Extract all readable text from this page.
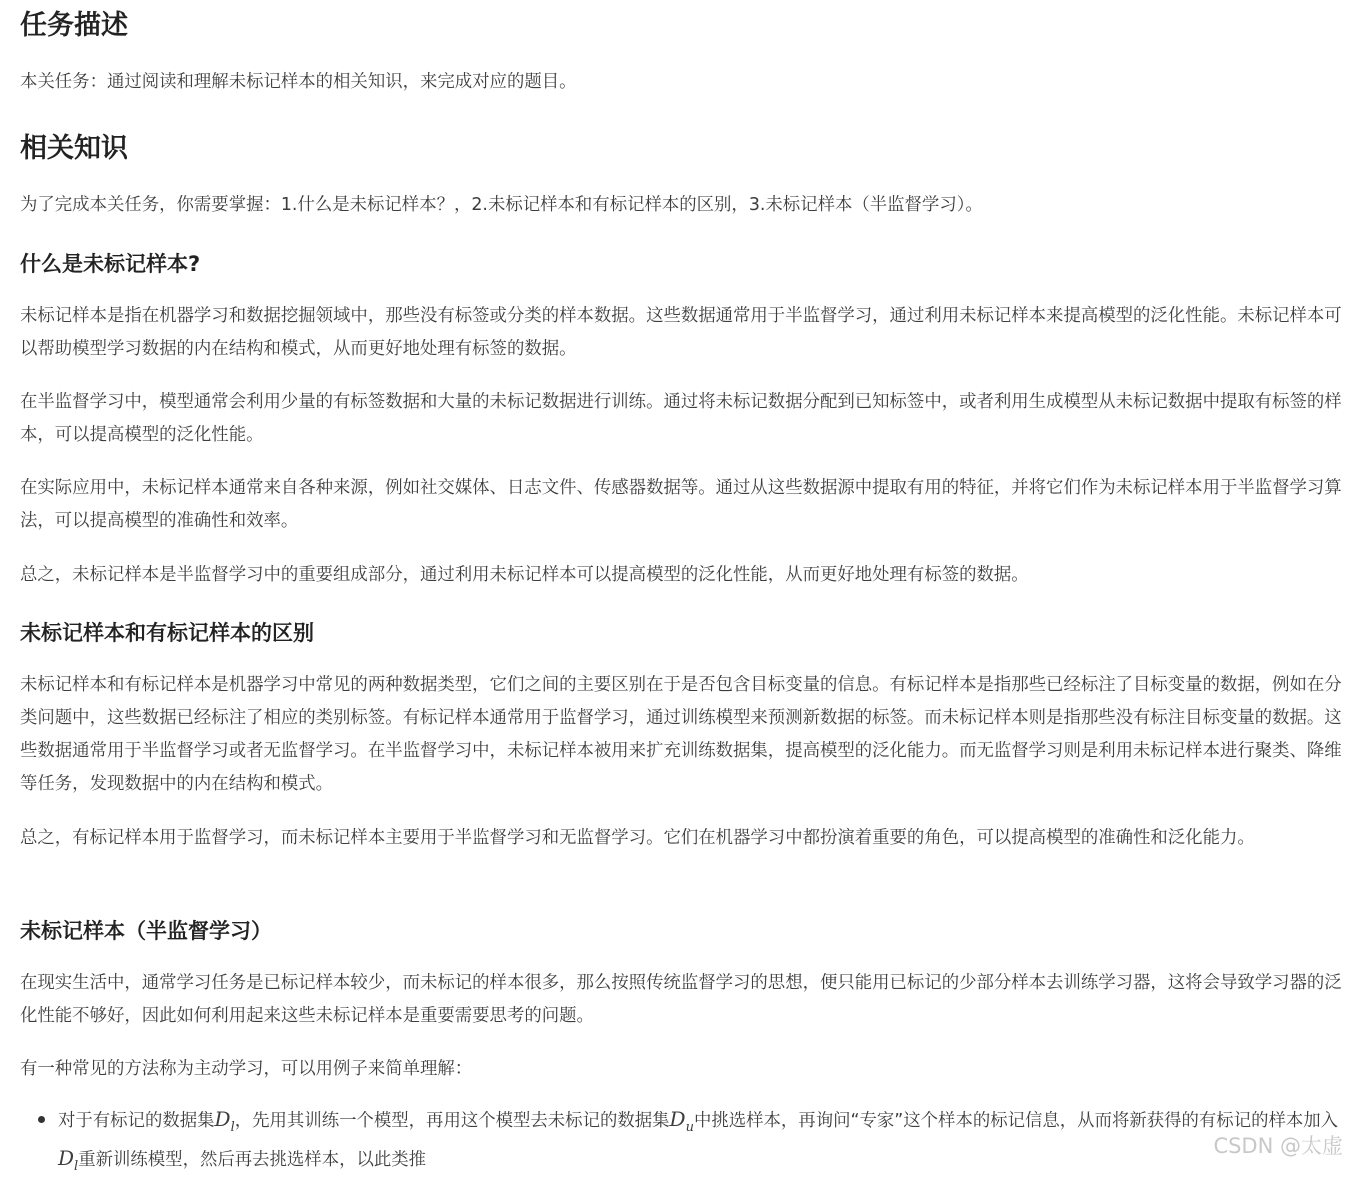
任务描述

本关任务：通过阅读和理解未标记样本的相关知识，来完成对应的题目。

相关知识

为了完成本关任务，你需要掌握：1.什么是未标记样本？，2.未标记样本和有标记样本的区别，3.未标记样本（半监督学习）。

什么是未标记样本?

未标记样本是指在机器学习和数据挖掘领域中，那些没有标签或分类的样本数据。这些数据通常用于半监督学习，通过利用未标记样本来提高模型的泛化性能。未标记样本可以帮助模型学习数据的内在结构和模式，从而更好地处理有标签的数据。

在半监督学习中，模型通常会利用少量的有标签数据和大量的未标记数据进行训练。通过将未标记数据分配到已知标签中，或者利用生成模型从未标记数据中提取有标签的样本，可以提高模型的泛化性能。

在实际应用中，未标记样本通常来自各种来源，例如社交媒体、日志文件、传感器数据等。通过从这些数据源中提取有用的特征，并将它们作为未标记样本用于半监督学习算法，可以提高模型的准确性和效率。

总之，未标记样本是半监督学习中的重要组成部分，通过利用未标记样本可以提高模型的泛化性能，从而更好地处理有标签的数据。

未标记样本和有标记样本的区别

未标记样本和有标记样本是机器学习中常见的两种数据类型，它们之间的主要区别在于是否包含目标变量的信息。有标记样本是指那些已经标注了目标变量的数据，例如在分类问题中，这些数据已经标注了相应的类别标签。有标记样本通常用于监督学习，通过训练模型来预测新数据的标签。而未标记样本则是指那些没有标注目标变量的数据。这些数据通常用于半监督学习或者无监督学习。在半监督学习中，未标记样本被用来扩充训练数据集，提高模型的泛化能力。而无监督学习则是利用未标记样本进行聚类、降维等任务，发现数据中的内在结构和模式。

总之，有标记样本用于监督学习，而未标记样本主要用于半监督学习和无监督学习。它们在机器学习中都扮演着重要的角色，可以提高模型的准确性和泛化能力。

未标记样本（半监督学习）

在现实生活中，通常学习任务是已标记样本较少，而未标记的样本很多，那么按照传统监督学习的思想，便只能用已标记的少部分样本去训练学习器，这将会导致学习器的泛化性能不够好，因此如何利用起来这些未标记样本是重要需要思考的问题。

有一种常见的方法称为主动学习，可以用例子来简单理解：

对于有标记的数据集$D_l$，先用其训练一个模型，再用这个模型去未标记的数据集$D_u$中挑选样本，再询问“专家”这个样本的标记信息，从而将新获得的有标记的样本加入$D_l$重新训练模型，然后再去挑选样本，以此类推
CSDN @太虚
